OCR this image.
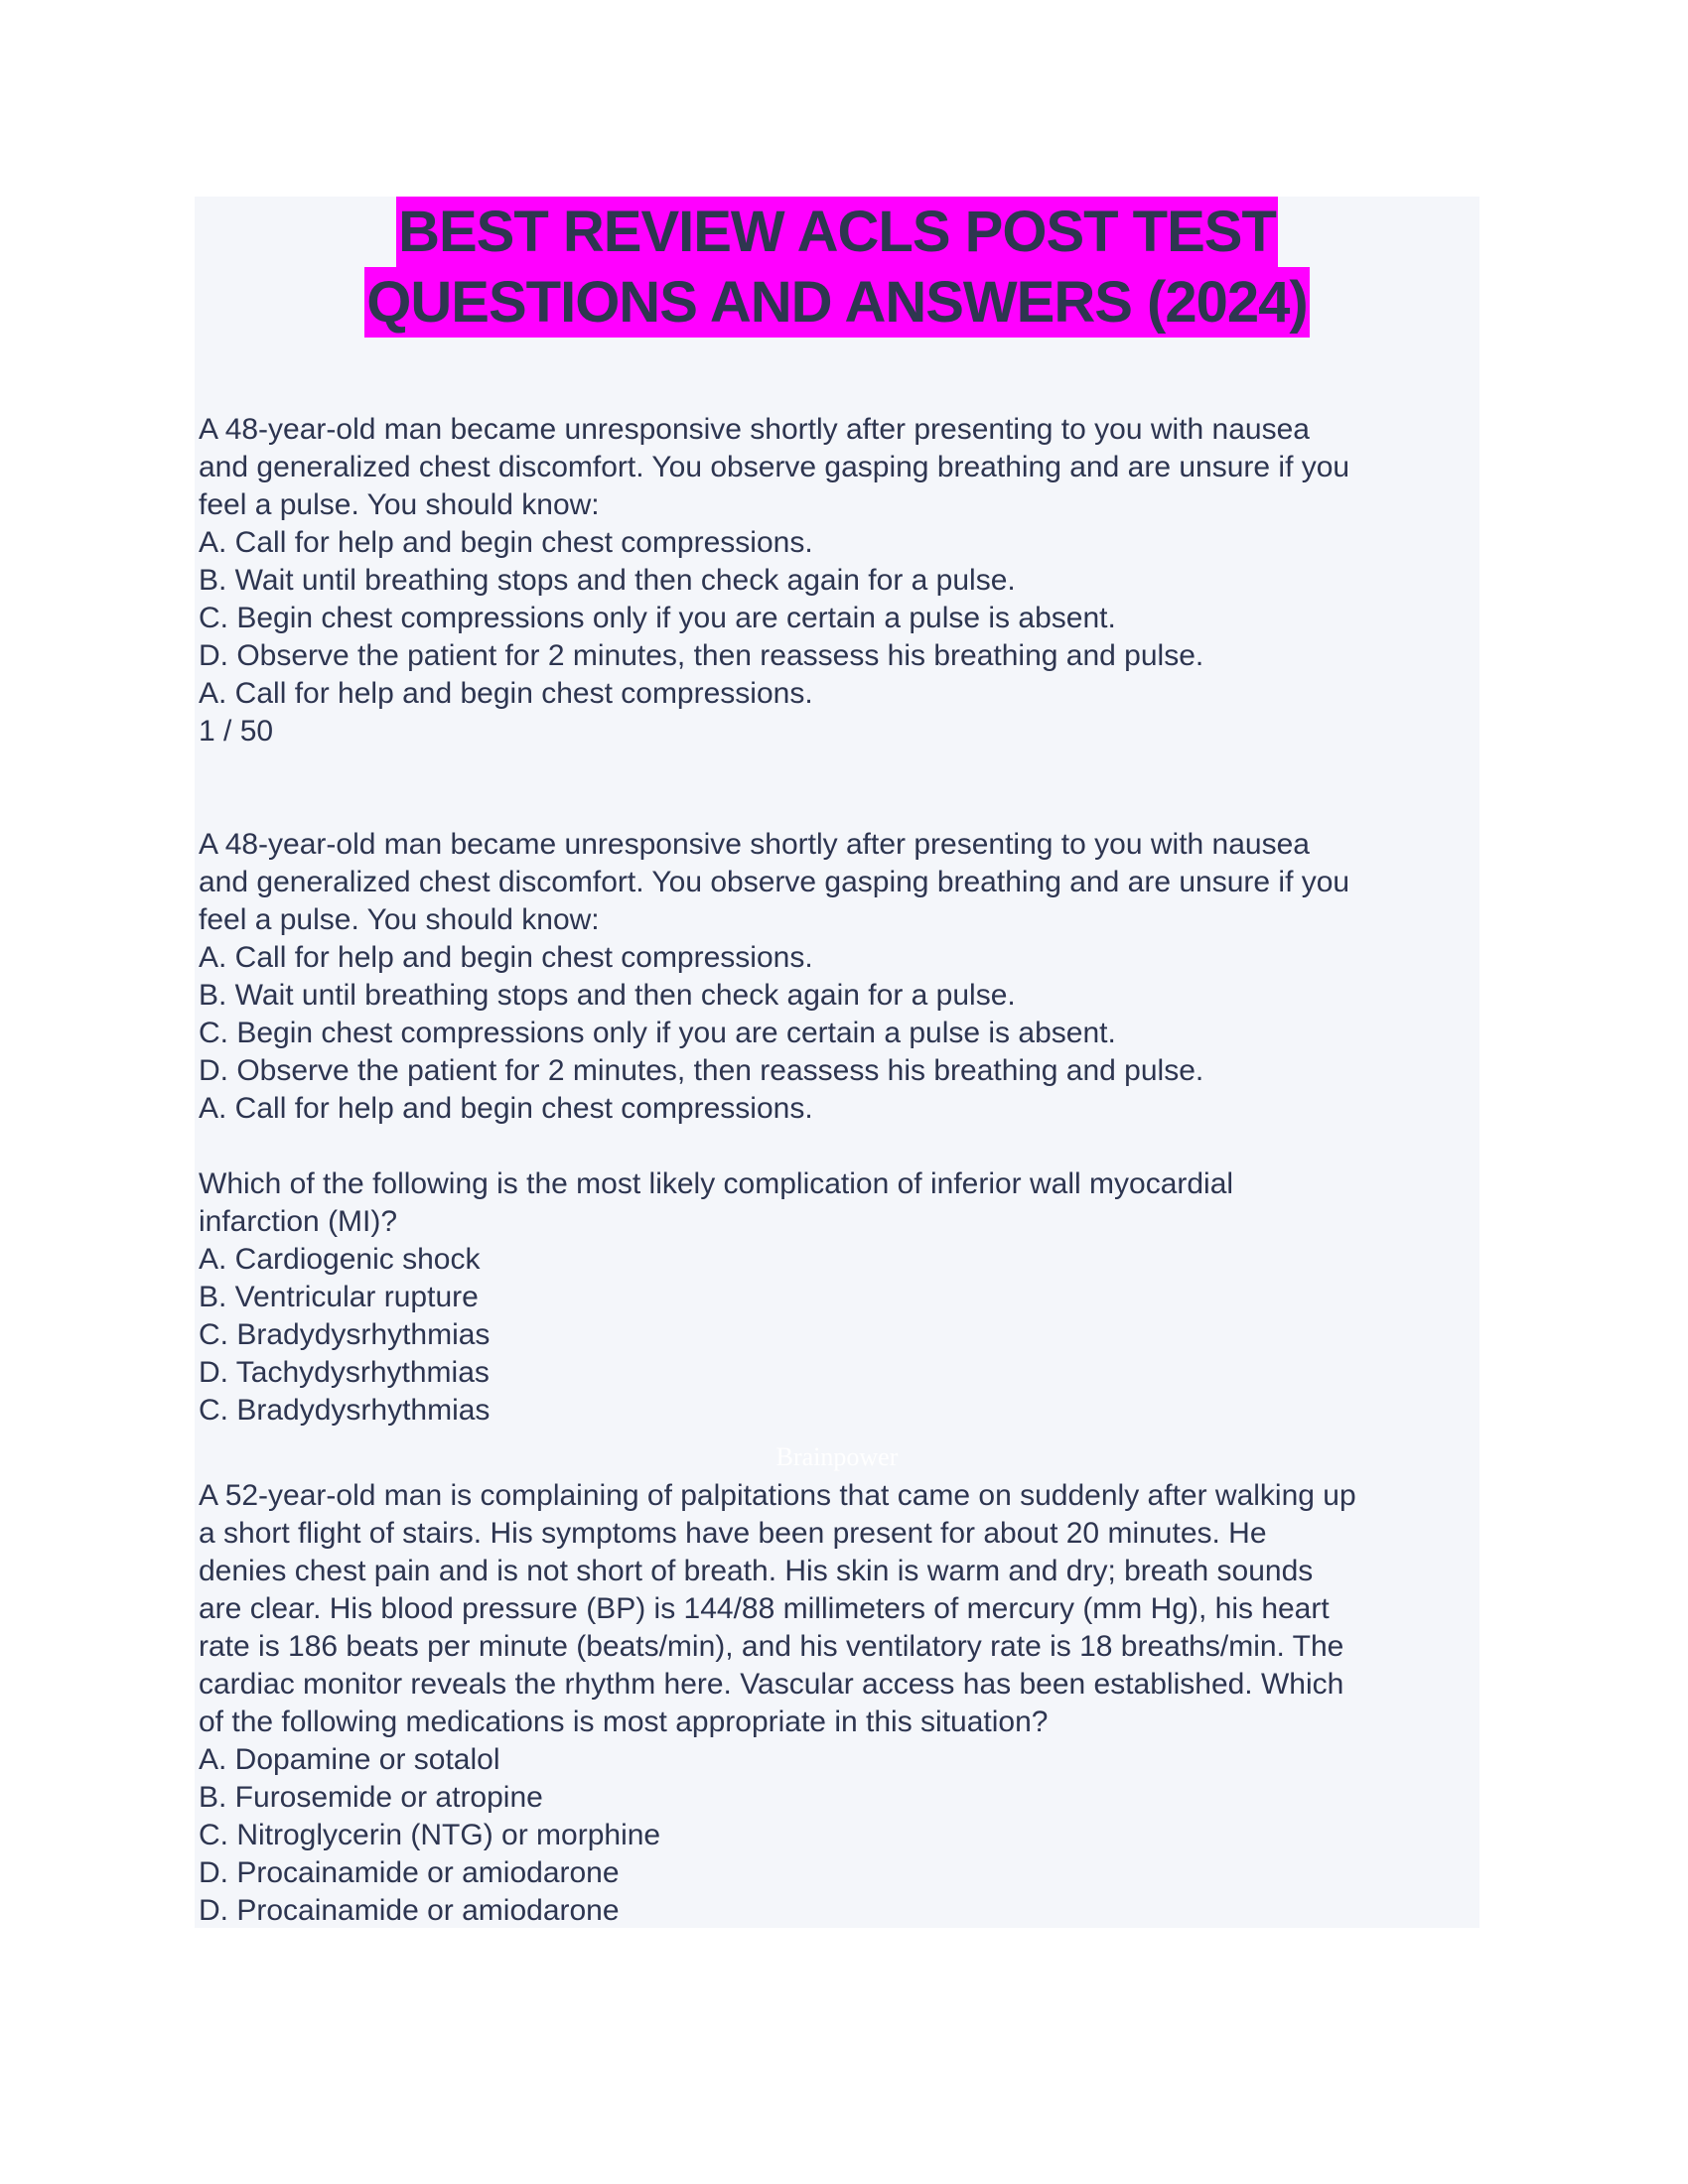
BEST REVIEW ACLS POST TEST
QUESTIONS AND ANSWERS (2024)
A 48-year-old man became unresponsive shortly after presenting to you with nausea
and generalized chest discomfort. You observe gasping breathing and are unsure if you
feel a pulse. You should know:
A. Call for help and begin chest compressions.
B. Wait until breathing stops and then check again for a pulse.
C. Begin chest compressions only if you are certain a pulse is absent.
D. Observe the patient for 2 minutes, then reassess his breathing and pulse.
A. Call for help and begin chest compressions.
1 / 50
A 48-year-old man became unresponsive shortly after presenting to you with nausea
and generalized chest discomfort. You observe gasping breathing and are unsure if you
feel a pulse. You should know:
A. Call for help and begin chest compressions.
B. Wait until breathing stops and then check again for a pulse.
C. Begin chest compressions only if you are certain a pulse is absent.
D. Observe the patient for 2 minutes, then reassess his breathing and pulse.
A. Call for help and begin chest compressions.
Which of the following is the most likely complication of inferior wall myocardial
infarction (MI)?
A. Cardiogenic shock
B. Ventricular rupture
C. Bradydysrhythmias
D. Tachydysrhythmias
C. Bradydysrhythmias
A 52-year-old man is complaining of palpitations that came on suddenly after walking up
a short flight of stairs. His symptoms have been present for about 20 minutes. He
denies chest pain and is not short of breath. His skin is warm and dry; breath sounds
are clear. His blood pressure (BP) is 144/88 millimeters of mercury (mm Hg), his heart
rate is 186 beats per minute (beats/min), and his ventilatory rate is 18 breaths/min. The
cardiac monitor reveals the rhythm here. Vascular access has been established. Which
of the following medications is most appropriate in this situation?
A. Dopamine or sotalol
B. Furosemide or atropine
C. Nitroglycerin (NTG) or morphine
D. Procainamide or amiodarone
D. Procainamide or amiodarone
Brainpower
